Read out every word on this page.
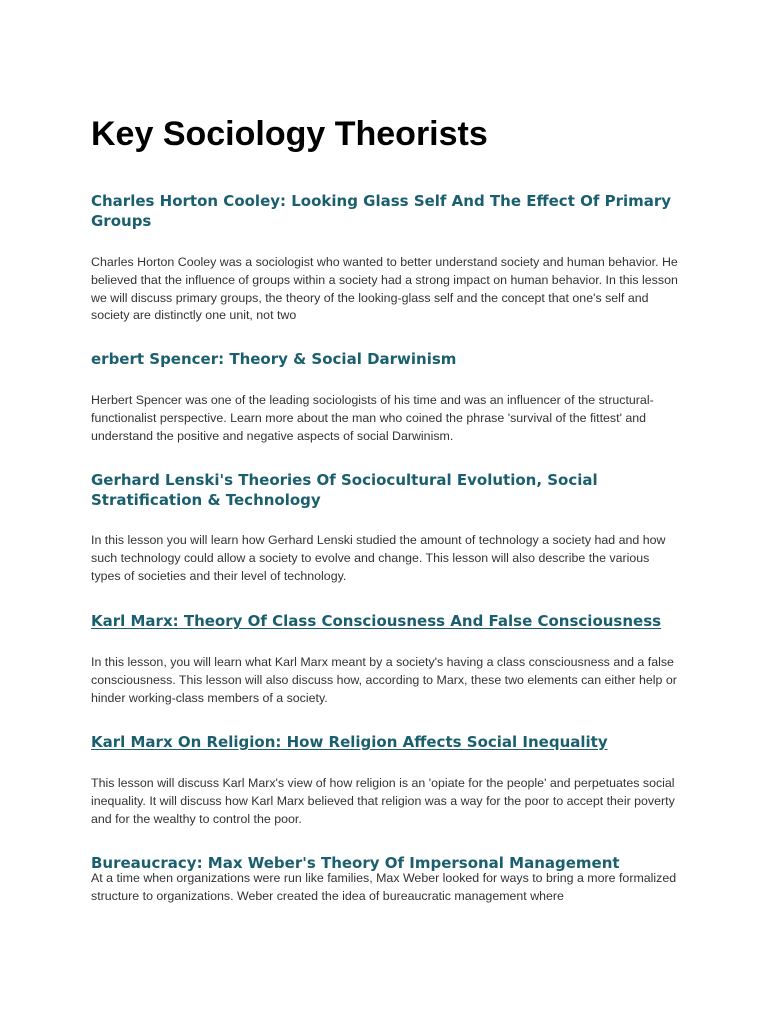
Key Sociology Theorists
Charles Horton Cooley: Looking Glass Self And The Effect Of Primary Groups

Charles Horton Cooley was a sociologist who wanted to better understand society and human behavior. He believed that the influence of groups within a society had a strong impact on human behavior. In this lesson we will discuss primary groups, the theory of the looking-glass self and the concept that one's self and society are distinctly one unit, not two

erbert Spencer: Theory & Social Darwinism

Herbert Spencer was one of the leading sociologists of his time and was an influencer of the structural-functionalist perspective. Learn more about the man who coined the phrase 'survival of the fittest' and understand the positive and negative aspects of social Darwinism.

Gerhard Lenski's Theories Of Sociocultural Evolution, Social Stratification & Technology

In this lesson you will learn how Gerhard Lenski studied the amount of technology a society had and how such technology could allow a society to evolve and change. This lesson will also describe the various types of societies and their level of technology.

Karl Marx: Theory Of Class Consciousness And False Consciousness

In this lesson, you will learn what Karl Marx meant by a society's having a class consciousness and a false consciousness. This lesson will also discuss how, according to Marx, these two elements can either help or hinder working-class members of a society.

Karl Marx On Religion: How Religion Affects Social Inequality

This lesson will discuss Karl Marx's view of how religion is an 'opiate for the people' and perpetuates social inequality. It will discuss how Karl Marx believed that religion was a way for the poor to accept their poverty and for the wealthy to control the poor.

Bureaucracy: Max Weber's Theory Of Impersonal Management

At a time when organizations were run like families, Max Weber looked for ways to bring a more formalized structure to organizations. Weber created the idea of bureaucratic management where
